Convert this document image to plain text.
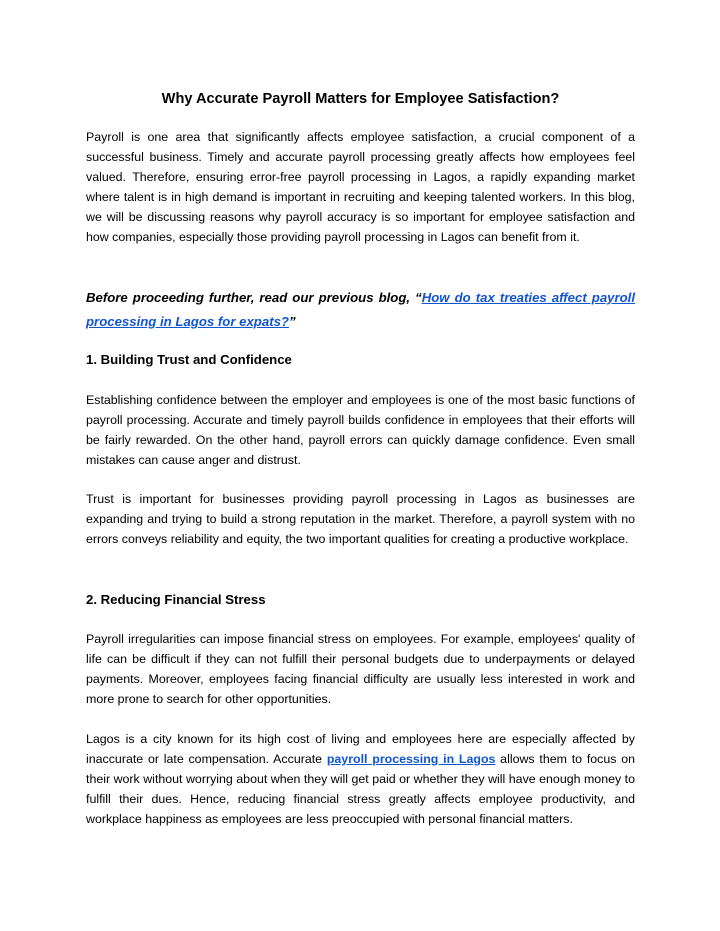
Why Accurate Payroll Matters for Employee Satisfaction?

Payroll is one area that significantly affects employee satisfaction, a crucial component of a successful business. Timely and accurate payroll processing greatly affects how employees feel valued. Therefore, ensuring error-free payroll processing in Lagos, a rapidly expanding market where talent is in high demand is important in recruiting and keeping talented workers. In this blog, we will be discussing reasons why payroll accuracy is so important for employee satisfaction and how companies, especially those providing payroll processing in Lagos can benefit from it.

Before proceeding further, read our previous blog, “How do tax treaties affect payroll processing in Lagos for expats?”

1. Building Trust and Confidence

Establishing confidence between the employer and employees is one of the most basic functions of payroll processing. Accurate and timely payroll builds confidence in employees that their efforts will be fairly rewarded. On the other hand, payroll errors can quickly damage confidence. Even small mistakes can cause anger and distrust.

Trust is important for businesses providing payroll processing in Lagos as businesses are expanding and trying to build a strong reputation in the market. Therefore, a payroll system with no errors conveys reliability and equity, the two important qualities for creating a productive workplace.

2. Reducing Financial Stress

Payroll irregularities can impose financial stress on employees. For example, employees' quality of life can be difficult if they can not fulfill their personal budgets due to underpayments or delayed payments. Moreover, employees facing financial difficulty are usually less interested in work and more prone to search for other opportunities.

Lagos is a city known for its high cost of living and employees here are especially affected by inaccurate or late compensation. Accurate payroll processing in Lagos allows them to focus on their work without worrying about when they will get paid or whether they will have enough money to fulfill their dues. Hence, reducing financial stress greatly affects employee productivity, and workplace happiness as employees are less preoccupied with personal financial matters.
